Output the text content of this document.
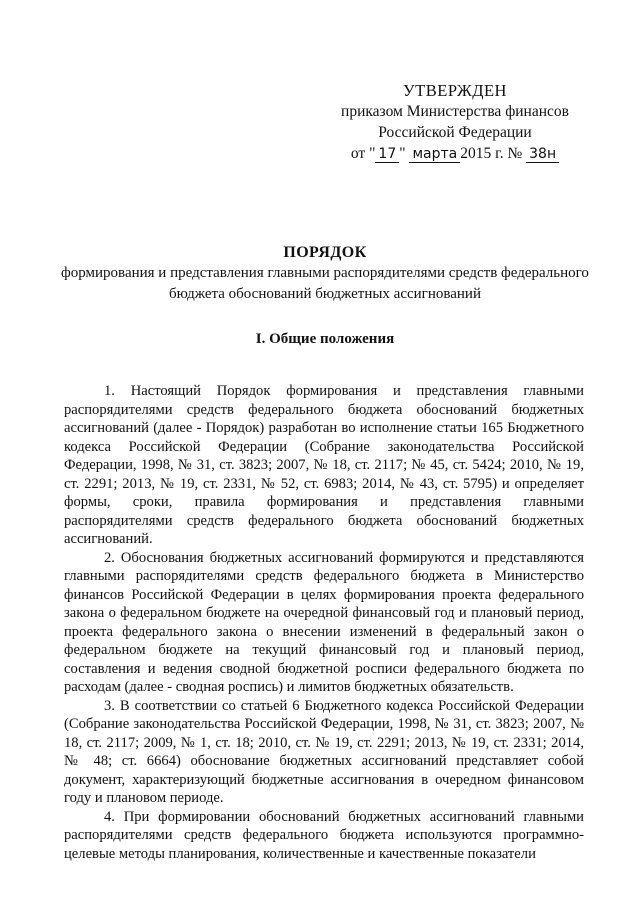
УТВЕРЖДЕН
приказом Министерства финансов
Российской Федерации
от " 17 " марта 2015 г. № 38н
ПОРЯДОК
формирования и представления главными распорядителями средств федерального бюджета обоснований бюджетных ассигнований
I. Общие положения

1. Настоящий Порядок формирования и представления главными распорядителями средств федерального бюджета обоснований бюджетных ассигнований (далее - Порядок) разработан во исполнение статьи 165 Бюджетного кодекса Российской Федерации (Собрание законодательства Российской Федерации, 1998, № 31, ст. 3823; 2007, № 18, ст. 2117; № 45, ст. 5424; 2010, № 19, ст. 2291; 2013, № 19, ст. 2331, № 52, ст. 6983; 2014, № 43, ст. 5795) и определяет формы, сроки, правила формирования и представления главными распорядителями средств федерального бюджета обоснований бюджетных ассигнований.

2. Обоснования бюджетных ассигнований формируются и представляются главными распорядителями средств федерального бюджета в Министерство финансов Российской Федерации в целях формирования проекта федерального закона о федеральном бюджете на очередной финансовый год и плановый период, проекта федерального закона о внесении изменений в федеральный закон о федеральном бюджете на текущий финансовый год и плановый период, составления и ведения сводной бюджетной росписи федерального бюджета по расходам (далее - сводная роспись) и лимитов бюджетных обязательств.

3. В соответствии со статьей 6 Бюджетного кодекса Российской Федерации (Собрание законодательства Российской Федерации, 1998, № 31, ст. 3823; 2007, № 18, ст. 2117; 2009, № 1, ст. 18; 2010, ст. № 19, ст. 2291; 2013, № 19, ст. 2331; 2014, № 48; ст. 6664) обоснование бюджетных ассигнований представляет собой документ, характеризующий бюджетные ассигнования в очередном финансовом году и плановом периоде.

4. При формировании обоснований бюджетных ассигнований главными распорядителями средств федерального бюджета используются программно-целевые методы планирования, количественные и качественные показатели
